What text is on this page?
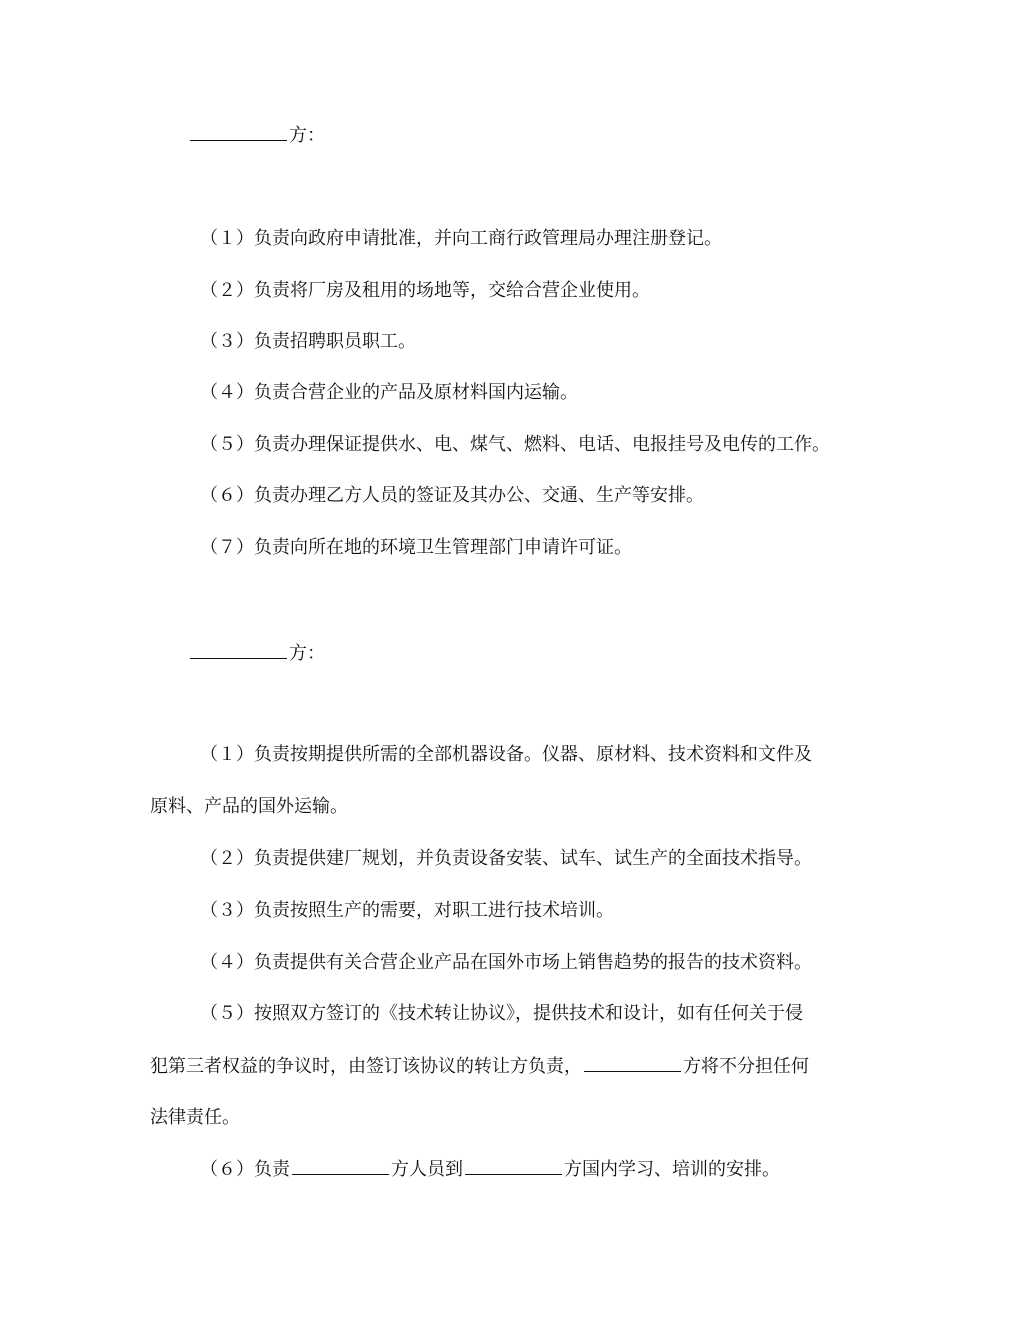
方：
（１）负责向政府申请批准，并向工商行政管理局办理注册登记。
（２）负责将厂房及租用的场地等，交给合营企业使用。
（３）负责招聘职员职工。
（４）负责合营企业的产品及原材料国内运输。
（５）负责办理保证提供水、电、煤气、燃料、电话、电报挂号及电传的工作。
（６）负责办理乙方人员的签证及其办公、交通、生产等安排。
（７）负责向所在地的环境卫生管理部门申请许可证。
方：
（１）负责按期提供所需的全部机器设备。仪器、原材料、技术资料和文件及
原料、产品的国外运输。
（２）负责提供建厂规划，并负责设备安装、试车、试生产的全面技术指导。
（３）负责按照生产的需要，对职工进行技术培训。
（４）负责提供有关合营企业产品在国外市场上销售趋势的报告的技术资料。
（５）按照双方签订的《技术转让协议》，提供技术和设计，如有任何关于侵
犯第三者权益的争议时，由签订该协议的转让方负责，	方将不分担任何
法律责任。
（６）负责	方人员到	方国内学习、培训的安排。
